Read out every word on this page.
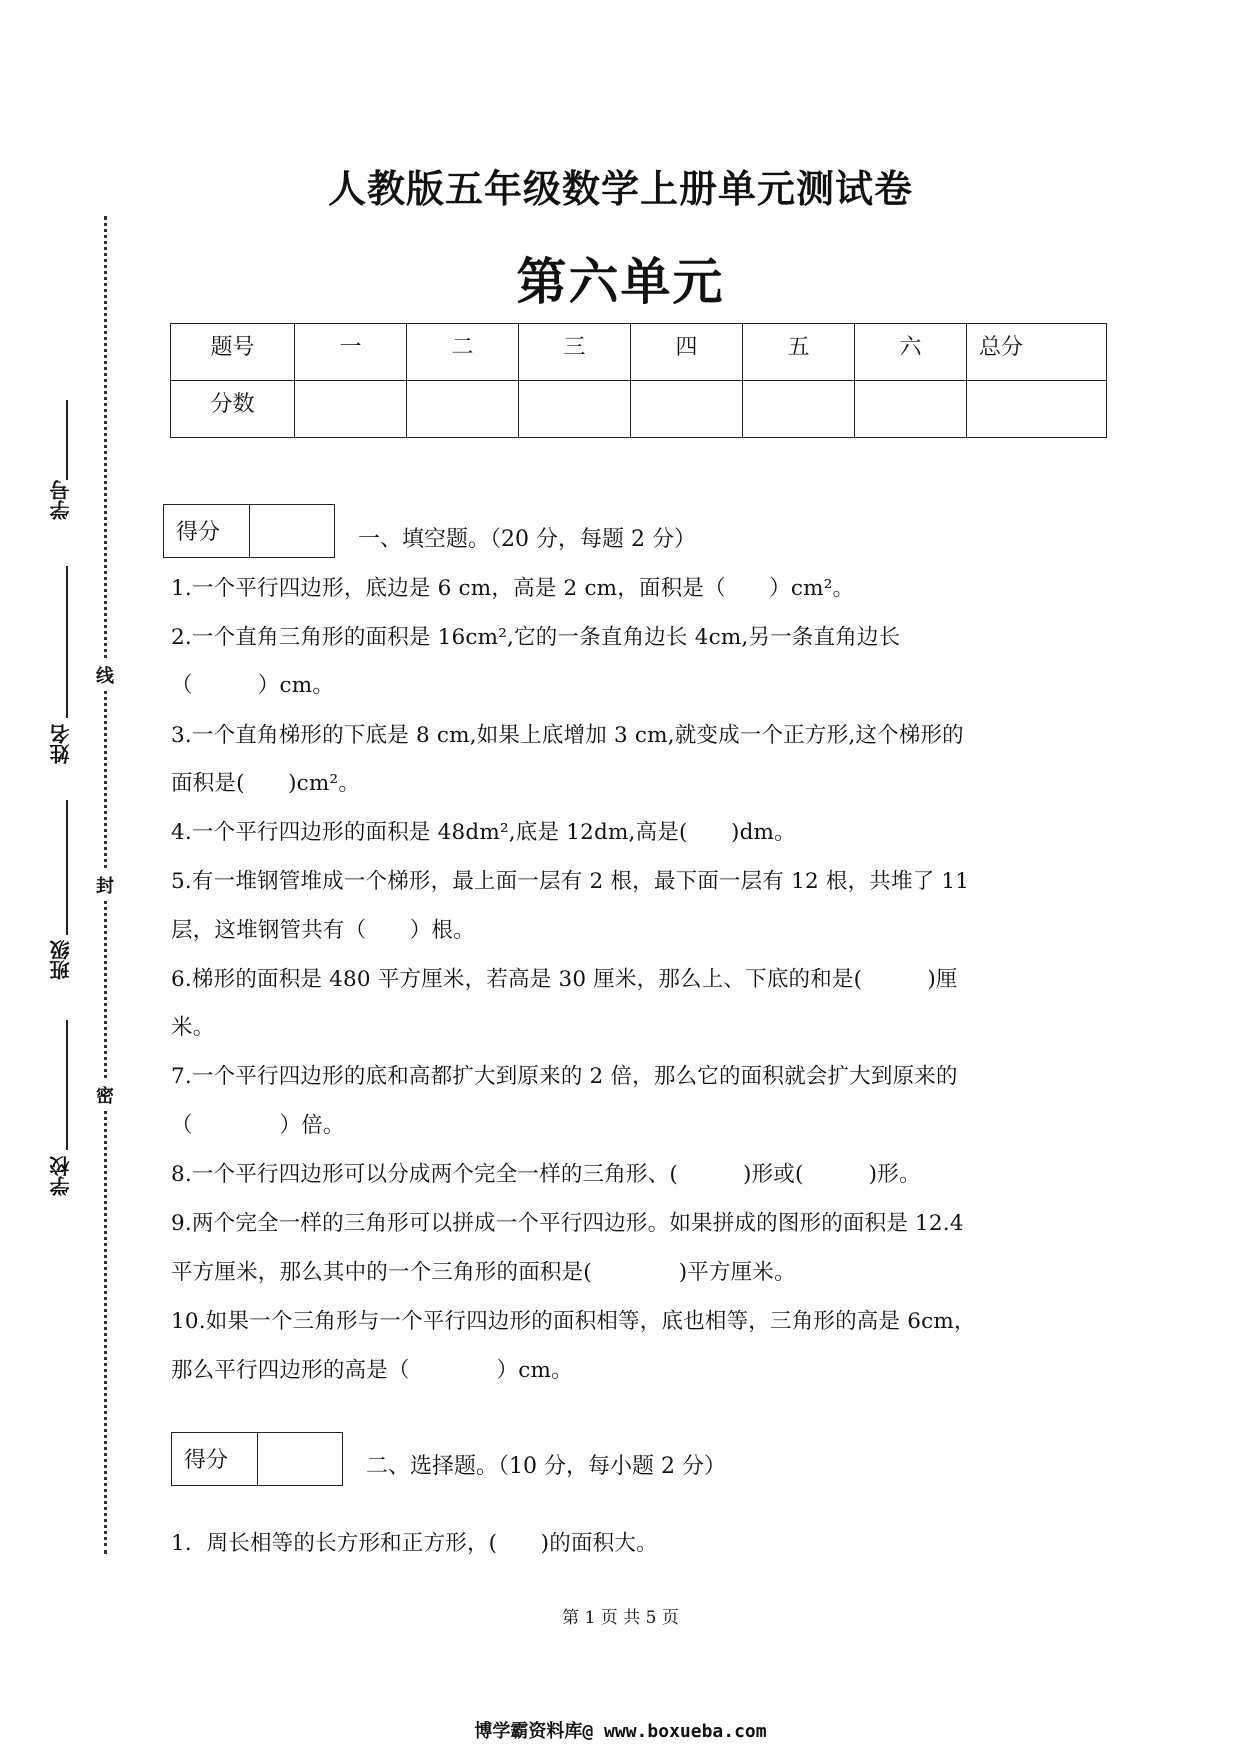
学号
姓名
班级
学校
线
封
密
人教版五年级数学上册单元测试卷
第六单元
题号	一	二	三	四	五	六	总分
分数							
得分	一、填空题。（20 分，每题 2 分）
1.一个平行四边形，底边是 6 cm，高是 2 cm，面积是（　　）cm²。
2.一个直角三角形的面积是 16cm²,它的一条直角边长 4cm,另一条直角边长
（　　　）cm。
3.一个直角梯形的下底是 8 cm,如果上底增加 3 cm,就变成一个正方形,这个梯形的
面积是(　　)cm²。
4.一个平行四边形的面积是 48dm²,底是 12dm,高是(　　)dm。
5.有一堆钢管堆成一个梯形，最上面一层有 2 根，最下面一层有 12 根，共堆了 11
层，这堆钢管共有（　　）根。
6.梯形的面积是 480 平方厘米，若高是 30 厘米，那么上、下底的和是(　　　)厘
米。
7.一个平行四边形的底和高都扩大到原来的 2 倍，那么它的面积就会扩大到原来的
（　　　　）倍。
8.一个平行四边形可以分成两个完全一样的三角形、(　　　)形或(　　　)形。
9.两个完全一样的三角形可以拼成一个平行四边形。如果拼成的图形的面积是 12.4
平方厘米，那么其中的一个三角形的面积是(　　　　)平方厘米。
10.如果一个三角形与一个平行四边形的面积相等，底也相等，三角形的高是 6cm，
那么平行四边形的高是（　　　　）cm。
得分	二、选择题。（10 分，每小题 2 分）
1．周长相等的长方形和正方形，(　　)的面积大。
第 1 页 共 5 页
博学霸资料库@ www.boxueba.com
